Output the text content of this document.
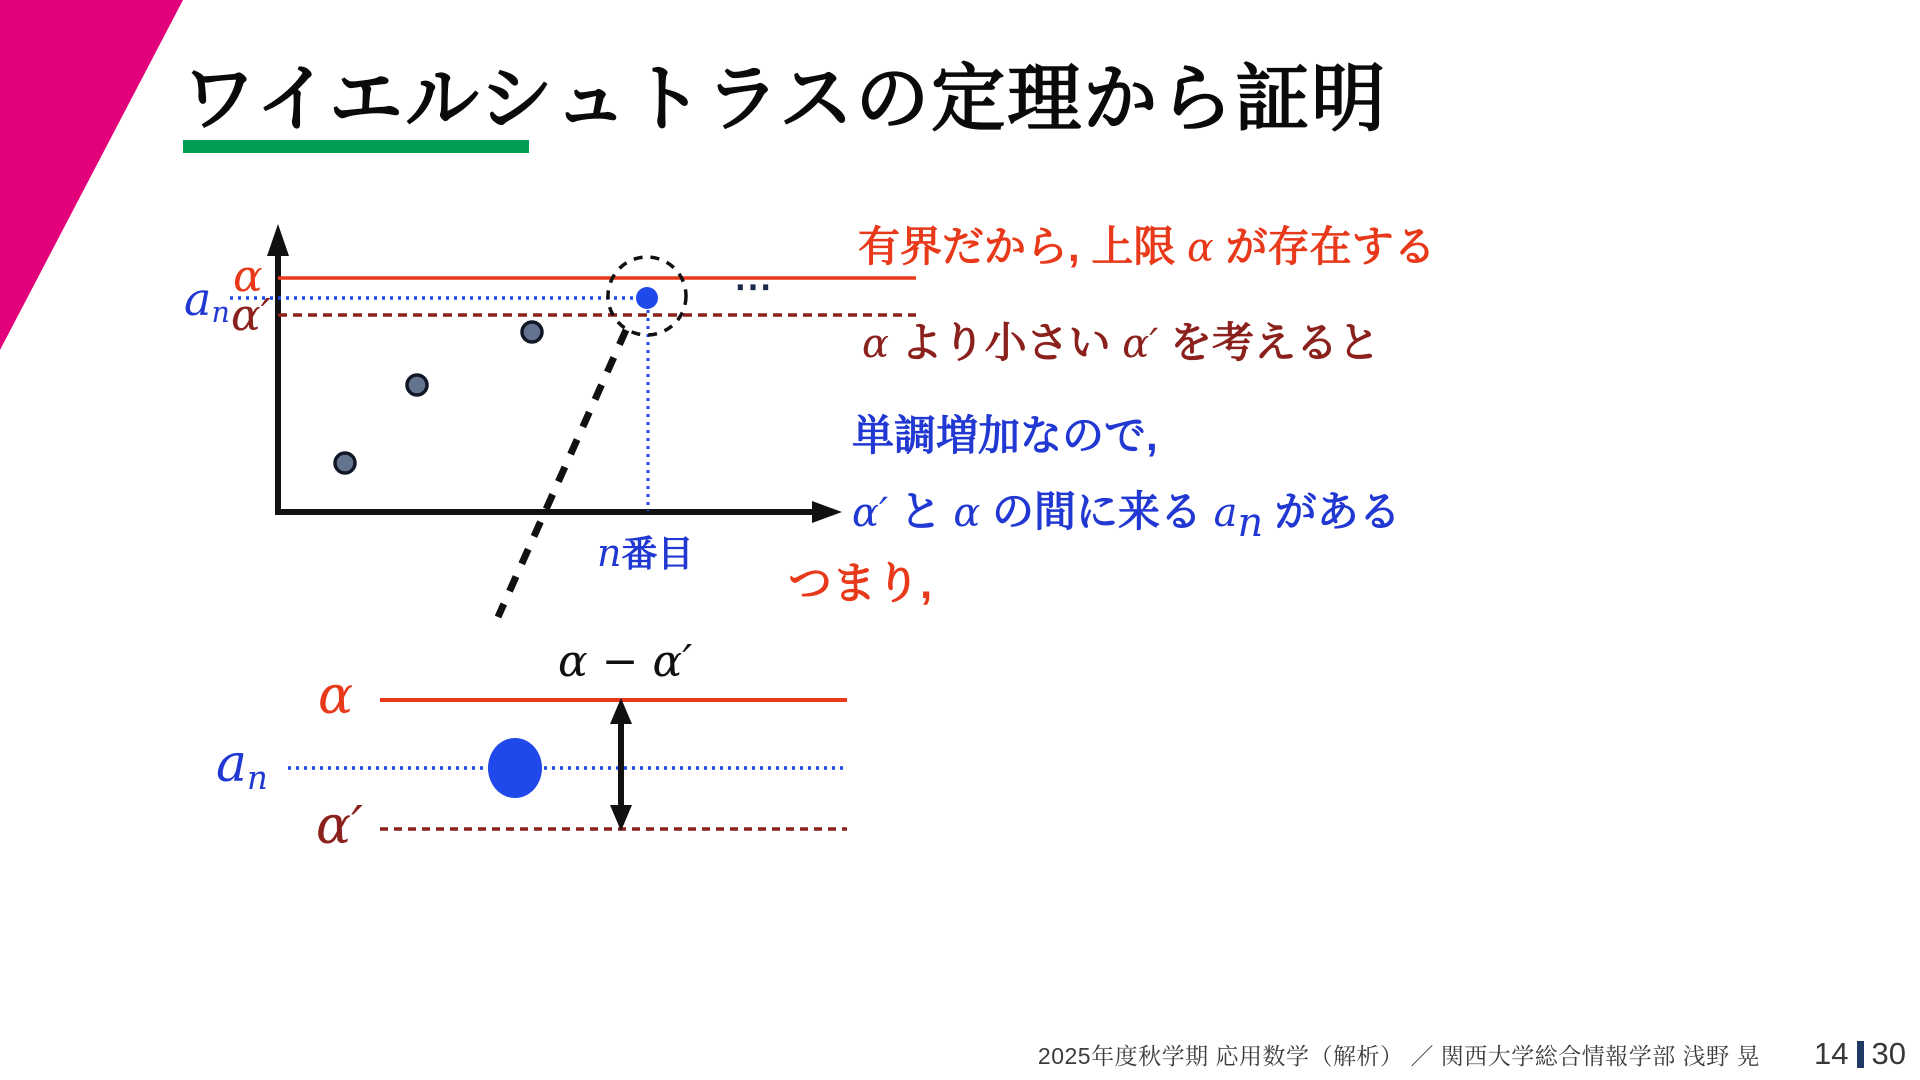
ワイエルシュトラスの定理から証明
α
$a_n$ α′
⋯
n番目
有界だから, 上限 α が存在する
α より小さい α′ を考えると
単調増加なので,
α′ と α の間に来る an がある
つまり,
α − α′
α
$a_n$
α′
2025年度秋学期 応用数学（解析） ／ 関西大学総合情報学部 浅野 晃 14 30
